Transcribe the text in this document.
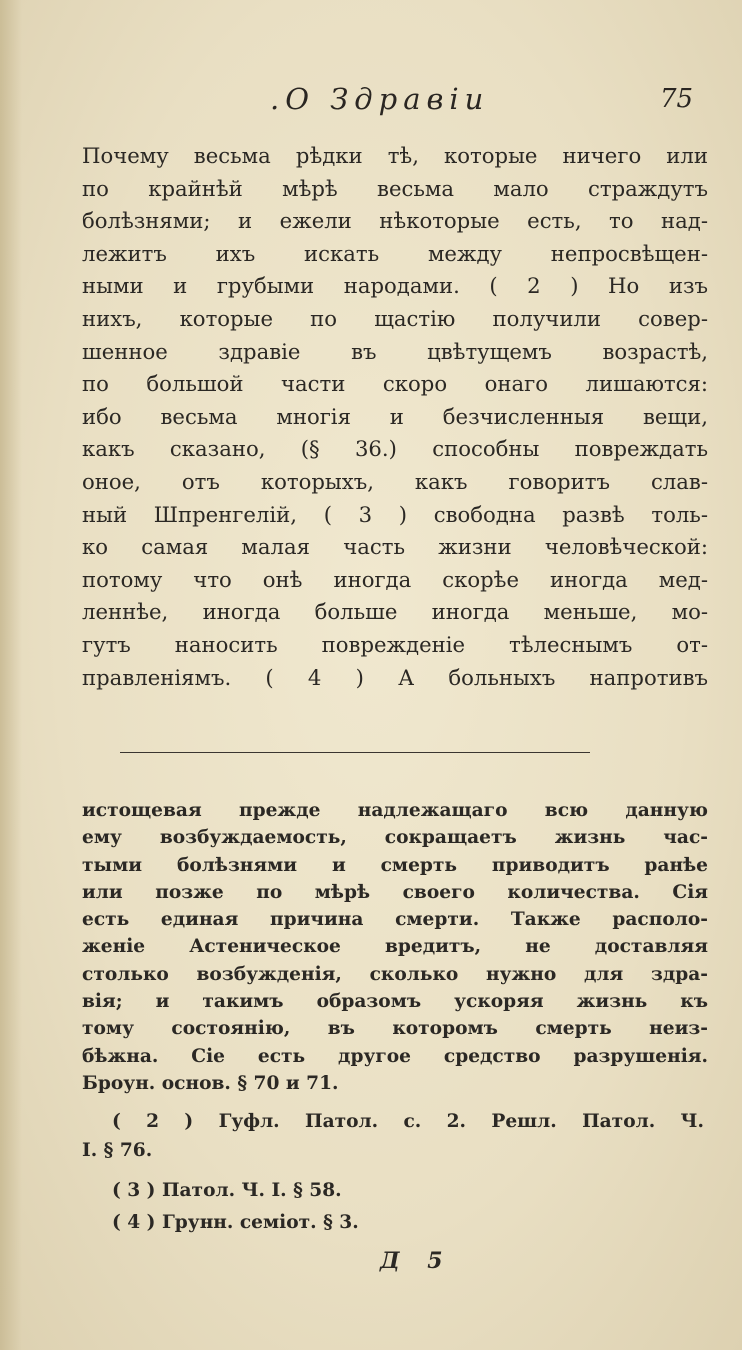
.О Здравіи	75
Почему весьма рѣдки тѣ, которые ничего или
по крайнѣй мѣрѣ весьма мало страждутъ
болѣзнями; и ежели нѣкоторые есть, то над-
лежитъ ихъ искать между непросвѣщен-
ными и грубыми народами. ( 2 ) Но изъ
нихъ, которые по щастію получили совер-
шенное здравіе въ цвѣтущемъ возрастѣ,
по большой части скоро онаго лишаются:
ибо весьма многія и безчисленныя вещи,
какъ сказано, (§ 36.) способны повреждать
оное, отъ которыхъ, какъ говоритъ слав-
ный Шпренгелій, ( 3 ) свободна развѣ толь-
ко самая малая часть жизни человѣческой:
потому что онѣ иногда скорѣе иногда мед-
леннѣе, иногда больше иногда меньше, мо-
гутъ наносить поврежденіе тѣлеснымъ от-
правленіямъ. ( 4 ) А больныхъ напротивъ
истощевая прежде надлежащаго всю данную
ему возбуждаемость, сокращаетъ жизнь час-
тыми болѣзнями и смерть приводитъ ранѣе
или позже по мѣрѣ своего количества. Сія
есть единая причина смерти. Также располо-
женіе Астеническое вредитъ, не доставляя
столько возбужденія, сколько нужно для здра-
вія; и такимъ образомъ ускоряя жизнь къ
тому состоянію, въ которомъ смерть неиз-
бѣжна. Сіе есть другое средство разрушенія.
Броун. основ. § 70 и 71.
( 2 ) Гуфл. Патол. с. 2. Решл. Патол. Ч.
I. § 76.
( 3 ) Патол. Ч. I. § 58.
( 4 ) Грунн. семіот. § 3.
Д 5
